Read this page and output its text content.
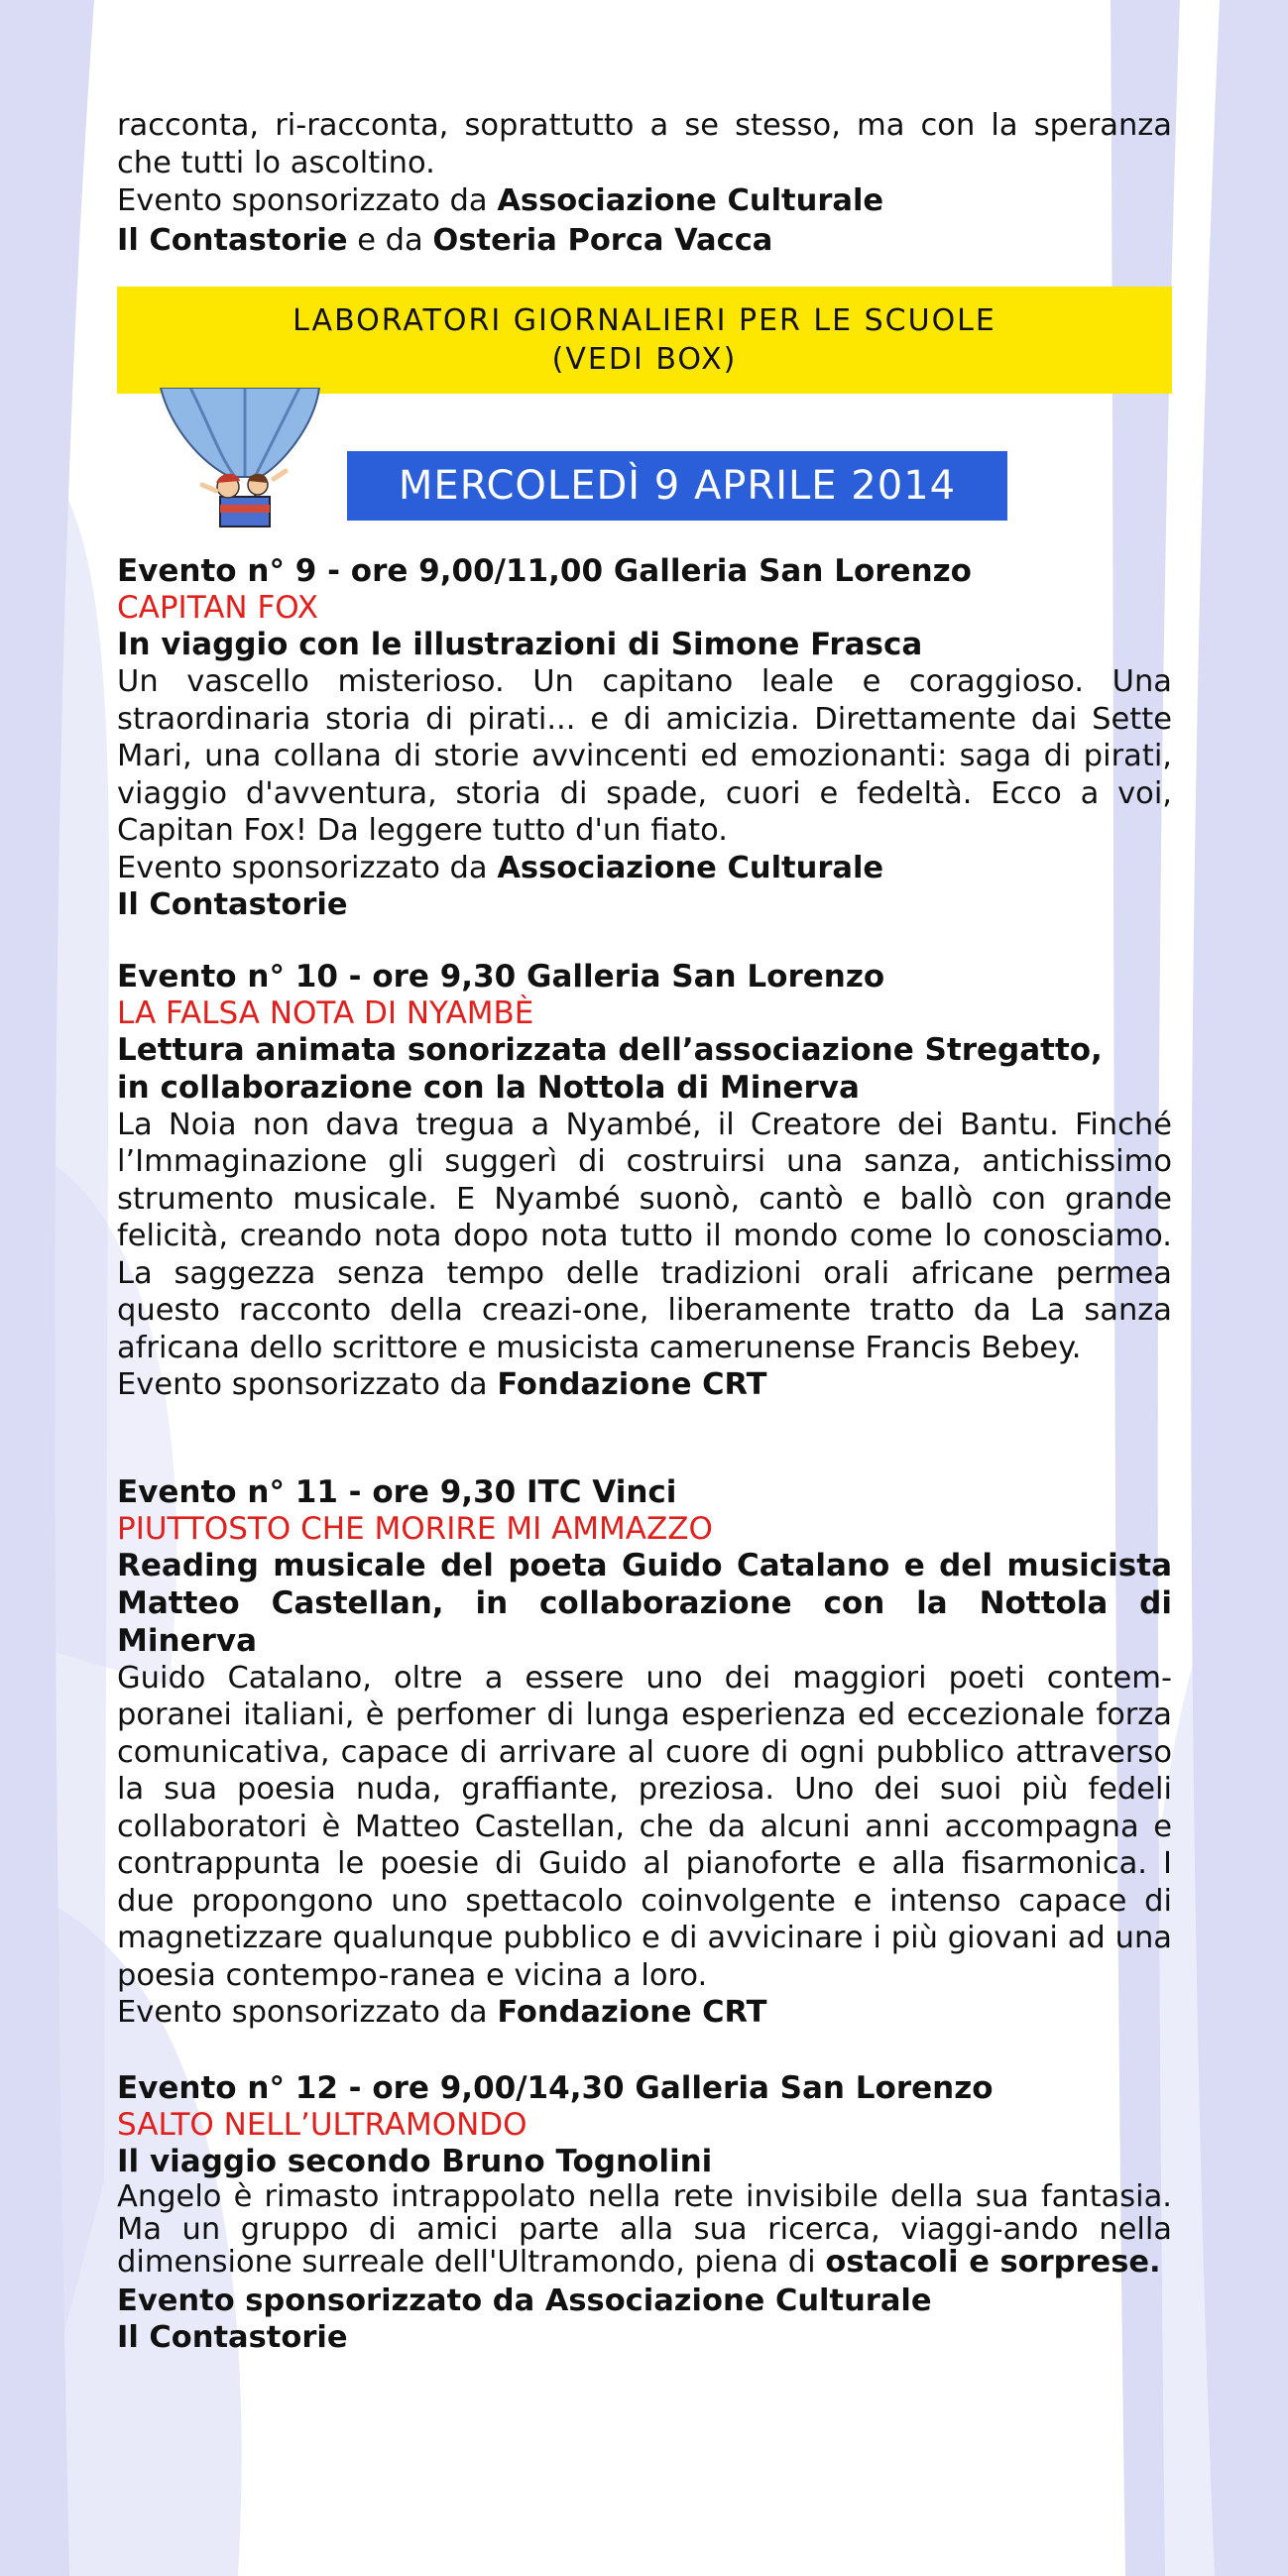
racconta, ri-racconta, soprattutto a se stesso, ma con la speranza che tutti lo ascoltino.

Evento sponsorizzato da Associazione Culturale
Il Contastorie e da Osteria Porca Vacca

LABORATORI GIORNALIERI PER LE SCUOLE
(VEDI BOX)
MERCOLEDÌ 9 APRILE 2014

Evento n° 9 - ore 9,00/11,00 Galleria San Lorenzo

CAPITAN FOX

In viaggio con le illustrazioni di Simone Frasca

Un vascello misterioso. Un capitano leale e coraggioso. Una straordinaria storia di pirati... e di amicizia. Direttamente dai Sette Mari, una collana di storie avvincenti ed emozionanti: saga di pirati, viaggio d'avventura, storia di spade, cuori e fedeltà. Ecco a voi, Capitan Fox! Da leggere tutto d'un fiato.

Evento sponsorizzato da Associazione Culturale
Il Contastorie

Evento n° 10 - ore 9,30 Galleria San Lorenzo

LA FALSA NOTA DI NYAMBÈ

Lettura animata sonorizzata dell’associazione Stregatto, in collaborazione con la Nottola di Minerva

La Noia non dava tregua a Nyambé, il Creatore dei Bantu. Finché l’Immaginazione gli suggerì di costruirsi una sanza, antichissimo strumento musicale. E Nyambé suonò, cantò e ballò con grande felicità, creando nota dopo nota tutto il mondo come lo conosciamo. La saggezza senza tempo delle tradizioni orali africane permea questo racconto della creazi-one, liberamente tratto da La sanza africana dello scrittore e musicista camerunense Francis Bebey.

Evento sponsorizzato da Fondazione CRT

Evento n° 11 - ore 9,30 ITC Vinci

PIUTTOSTO CHE MORIRE MI AMMAZZO

Reading musicale del poeta Guido Catalano e del musicista Matteo Castellan, in collaborazione con la Nottola di Minerva

Guido Catalano, oltre a essere uno dei maggiori poeti contem-poranei italiani, è perfomer di lunga esperienza ed eccezionale forza comunicativa, capace di arrivare al cuore di ogni pubblico attraverso la sua poesia nuda, graffiante, preziosa. Uno dei suoi più fedeli collaboratori è Matteo Castellan, che da alcuni anni accompagna e contrappunta le poesie di Guido al pianoforte e alla fisarmonica. I due propongono uno spettacolo coinvolgente e intenso capace di magnetizzare qualunque pubblico e di avvicinare i più giovani ad una poesia contempo-ranea e vicina a loro.

Evento sponsorizzato da Fondazione CRT

Evento n° 12 - ore 9,00/14,30 Galleria San Lorenzo

SALTO NELL’ULTRAMONDO

Il viaggio secondo Bruno Tognolini

Angelo è rimasto intrappolato nella rete invisibile della sua fantasia. Ma un gruppo di amici parte alla sua ricerca, viaggi-ando nella dimensione surreale dell'Ultramondo, piena di ostacoli e sorprese.

Evento sponsorizzato da Associazione Culturale
Il Contastorie
